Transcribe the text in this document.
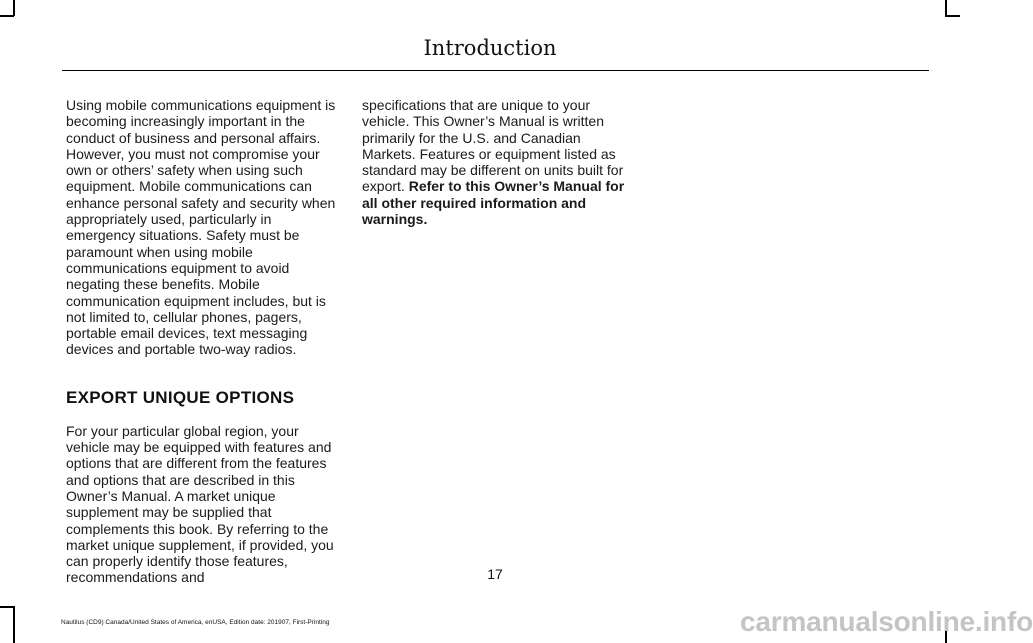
Introduction

Using mobile communications equipment is becoming increasingly important in the conduct of business and personal affairs. However, you must not compromise your own or others’ safety when using such equipment. Mobile communications can enhance personal safety and security when appropriately used, particularly in emergency situations. Safety must be paramount when using mobile communications equipment to avoid negating these benefits. Mobile communication equipment includes, but is not limited to, cellular phones, pagers, portable email devices, text messaging devices and portable two-way radios.

EXPORT UNIQUE OPTIONS

For your particular global region, your vehicle may be equipped with features and options that are different from the features and options that are described in this Owner’s Manual. A market unique supplement may be supplied that complements this book. By referring to the market unique supplement, if provided, you can properly identify those features, recommendations and

specifications that are unique to your vehicle. This Owner’s Manual is written primarily for the U.S. and Canadian Markets. Features or equipment listed as standard may be different on units built for export. Refer to this Owner’s Manual for all other required information and warnings.

17
Nautilus (CD9) Canada/United States of America, enUSA, Edition date: 201907, First-Printing	carmanualsonline.info
